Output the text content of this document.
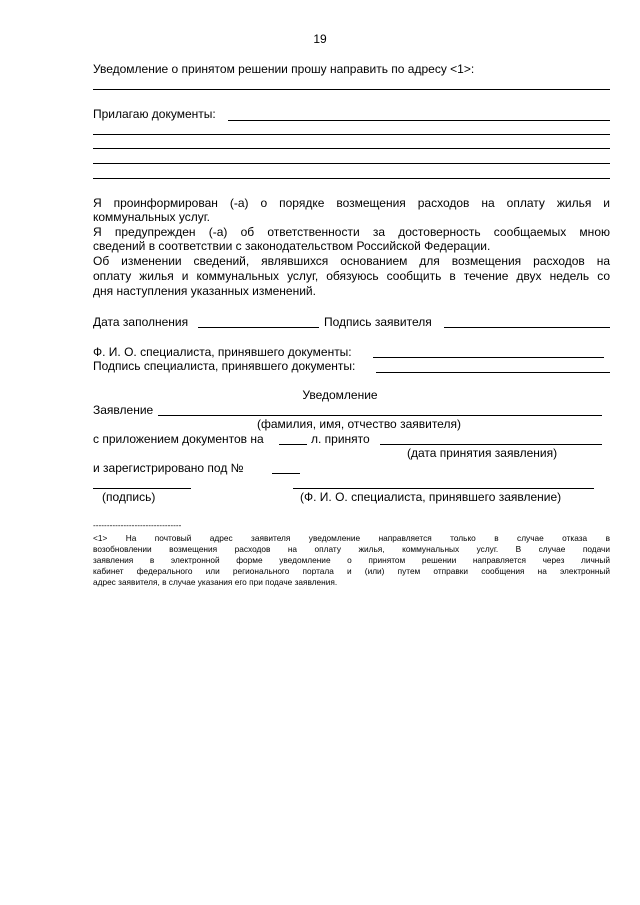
19
Уведомление о принятом решении прошу направить по адресу <1>:
Прилагаю документы:
Я проинформирован (-а) о порядке возмещения расходов на оплату жилья и
коммунальных услуг.
Я предупрежден (-а) об ответственности за достоверность сообщаемых мною
сведений в соответствии с законодательством Российской Федерации.
Об изменении сведений, являвшихся основанием для возмещения расходов на
оплату жилья и коммунальных услуг, обязуюсь сообщить в течение двух недель со
дня наступления указанных изменений.
Дата заполнения	Подпись заявителя
Ф. И. О. специалиста, принявшего документы:
Подпись специалиста, принявшего документы:
Уведомление
Заявление
(фамилия, имя, отчество заявителя)
с приложением документов на	л. принято
(дата принятия заявления)
и зарегистрировано под №
(подпись)	(Ф. И. О. специалиста, принявшего заявление)
--------------------------------
<1> На почтовый адрес заявителя уведомление направляется только в случае отказа в
возобновлении возмещения расходов на оплату жилья, коммунальных услуг. В случае подачи
заявления в электронной форме уведомление о принятом решении направляется через личный
кабинет федерального или регионального портала и (или) путем отправки сообщения на электронный
адрес заявителя, в случае указания его при подаче заявления.
